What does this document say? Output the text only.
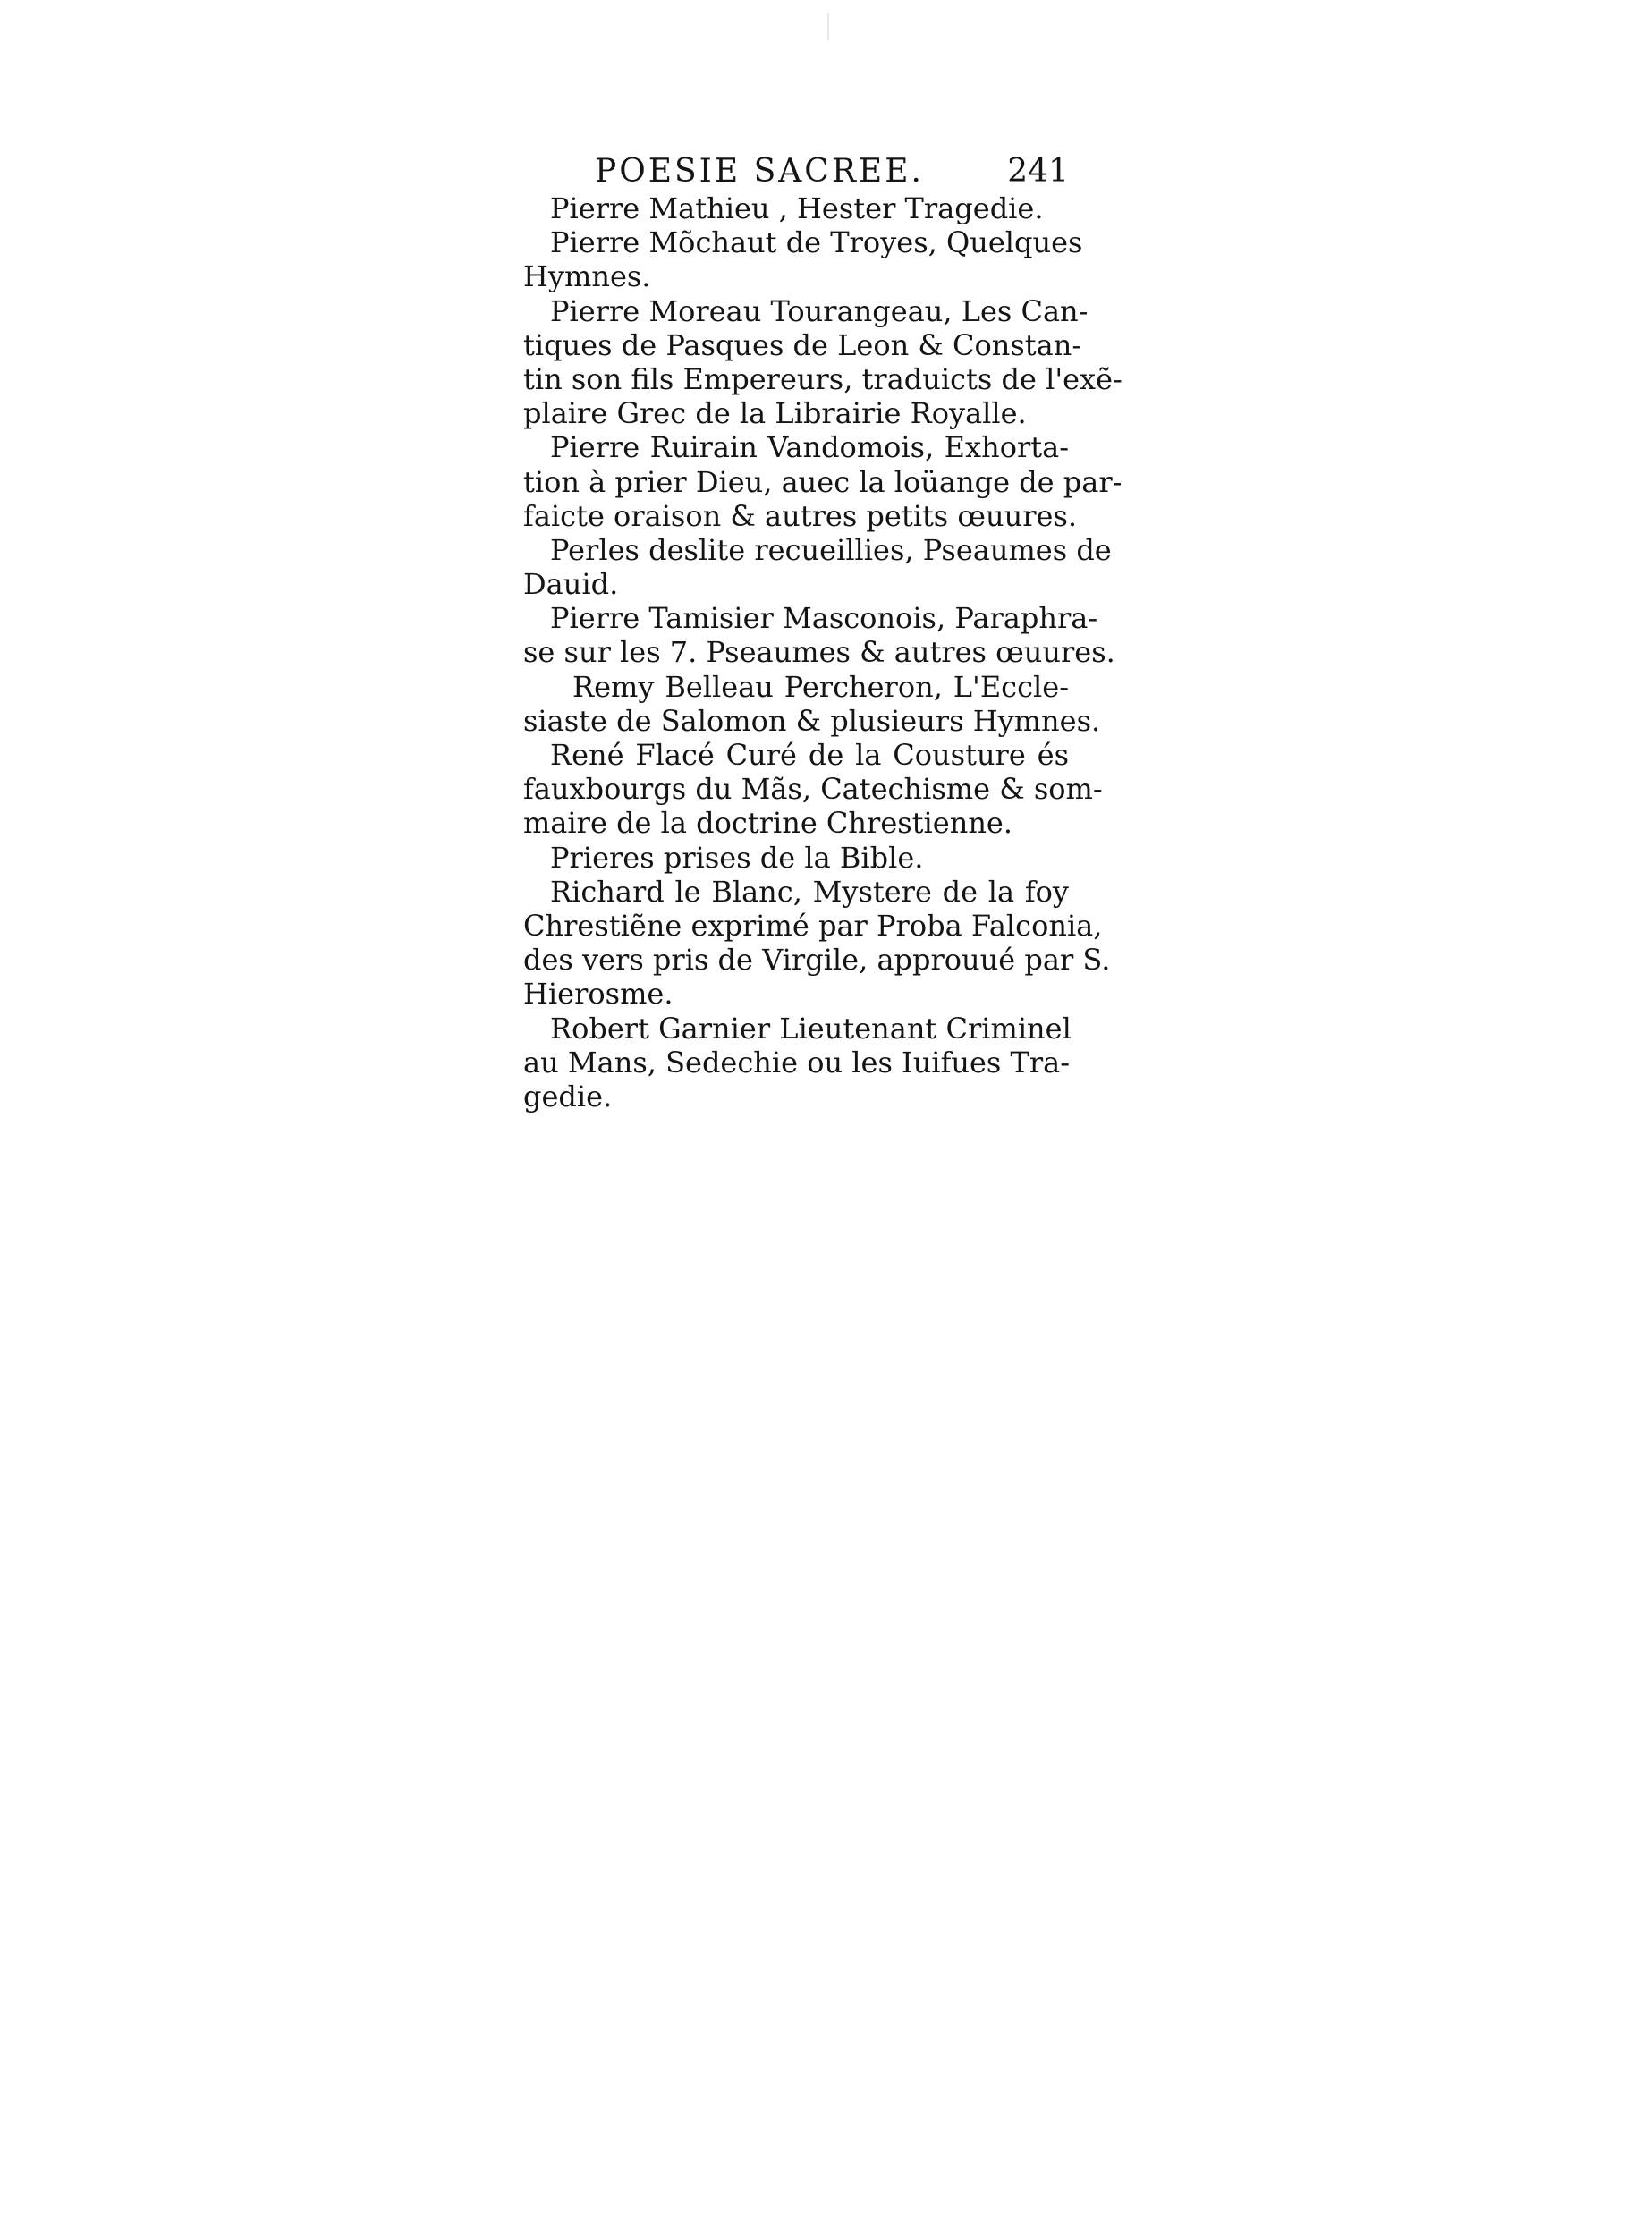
POESIE SACREE.	241
Pierre Mathieu , Hester Tragedie.
Pierre Mõchaut de Troyes, Quelques
Hymnes.
Pierre Moreau Tourangeau, Les Can-
tiques de Pasques de Leon & Constan-
tin son fils Empereurs, traduicts de l'exẽ-
plaire Grec de la Librairie Royalle.
Pierre Ruirain Vandomois, Exhorta-
tion à prier Dieu, auec la loüange de par-
faicte oraison & autres petits œuures.
Perles deslite recueillies, Pseaumes de
Dauid.
Pierre Tamisier Masconois, Paraphra-
se sur les 7. Pseaumes & autres œuures.
Remy Belleau Percheron, L'Eccle-
siaste de Salomon & plusieurs Hymnes.
René Flacé Curé de la Cousture és
fauxbourgs du Mãs, Catechisme & som-
maire de la doctrine Chrestienne.
Prieres prises de la Bible.
Richard le Blanc, Mystere de la foy
Chrestiẽne exprimé par Proba Falconia,
des vers pris de Virgile, approuué par S.
Hierosme.
Robert Garnier Lieutenant Criminel
au Mans, Sedechie ou les Iuifues Tra-
gedie.
